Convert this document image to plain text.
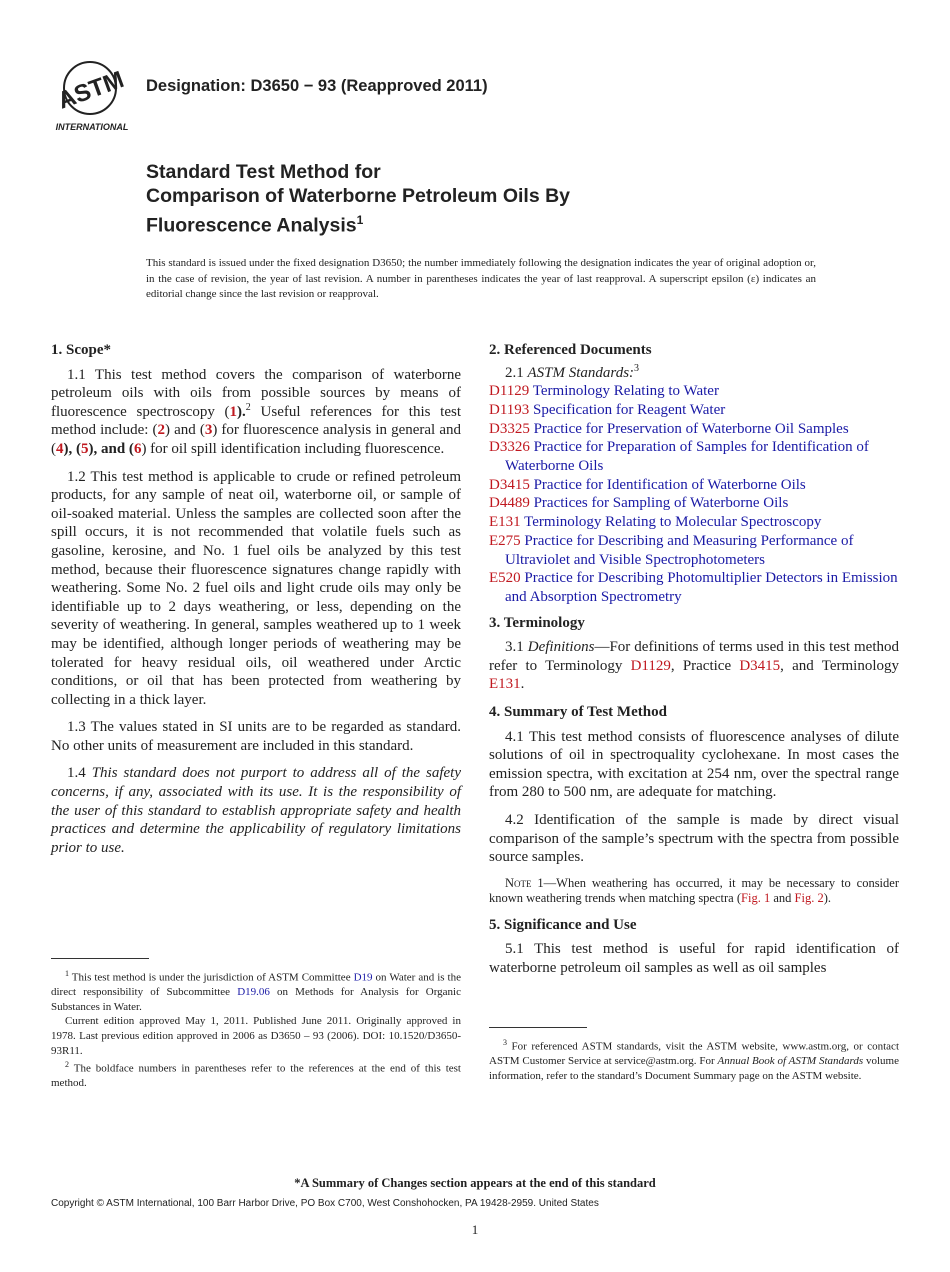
ASTM
INTERNATIONAL
Designation: D3650 − 93 (Reapproved 2011)
Standard Test Method for
Comparison of Waterborne Petroleum Oils By
Fluorescence Analysis$^1$
This standard is issued under the fixed designation D3650; the number immediately following the designation indicates the year of original adoption or, in the case of revision, the year of last revision. A number in parentheses indicates the year of last reapproval. A superscript epsilon (ε) indicates an editorial change since the last revision or reapproval.
1. Scope*

1.1 This test method covers the comparison of waterborne petroleum oils with oils from possible sources by means of fluorescence spectroscopy (1).$^2$ Useful references for this test method include: (2) and (3) for fluorescence analysis in general and (4), (5), and (6) for oil spill identification including fluorescence.

1.2 This test method is applicable to crude or refined petroleum products, for any sample of neat oil, waterborne oil, or sample of oil-soaked material. Unless the samples are collected soon after the spill occurs, it is not recommended that volatile fuels such as gasoline, kerosine, and No. 1 fuel oils be analyzed by this test method, because their fluorescence signatures change rapidly with weathering. Some No. 2 fuel oils and light crude oils may only be identifiable up to 2 days weathering, or less, depending on the severity of weathering. In general, samples weathered up to 1 week may be identified, although longer periods of weathering may be tolerated for heavy residual oils, oil weathered under Arctic conditions, or oil that has been protected from weathering by collecting in a thick layer.

1.3 The values stated in SI units are to be regarded as standard. No other units of measurement are included in this standard.

1.4 This standard does not purport to address all of the safety concerns, if any, associated with its use. It is the responsibility of the user of this standard to establish appropriate safety and health practices and determine the applicability of regulatory limitations prior to use.

$^1$ This test method is under the jurisdiction of ASTM Committee D19 on Water and is the direct responsibility of Subcommittee D19.06 on Methods for Analysis for Organic Substances in Water.

Current edition approved May 1, 2011. Published June 2011. Originally approved in 1978. Last previous edition approved in 2006 as D3650 – 93 (2006). DOI: 10.1520/D3650-93R11.

$^2$ The boldface numbers in parentheses refer to the references at the end of this test method.

2. Referenced Documents
2.1 ASTM Standards:$^3$
D1129 Terminology Relating to Water
D1193 Specification for Reagent Water
D3325 Practice for Preservation of Waterborne Oil Samples
D3326 Practice for Preparation of Samples for Identification of Waterborne Oils
D3415 Practice for Identification of Waterborne Oils
D4489 Practices for Sampling of Waterborne Oils
E131 Terminology Relating to Molecular Spectroscopy
E275 Practice for Describing and Measuring Performance of Ultraviolet and Visible Spectrophotometers
E520 Practice for Describing Photomultiplier Detectors in Emission and Absorption Spectrometry
3. Terminology

3.1 Definitions—For definitions of terms used in this test method refer to Terminology D1129, Practice D3415, and Terminology E131.

4. Summary of Test Method

4.1 This test method consists of fluorescence analyses of dilute solutions of oil in spectroquality cyclohexane. In most cases the emission spectra, with excitation at 254 nm, over the spectral range from 280 to 500 nm, are adequate for matching.

4.2 Identification of the sample is made by direct visual comparison of the sample’s spectrum with the spectra from possible source samples.

Note 1—When weathering has occurred, it may be necessary to consider known weathering trends when matching spectra (Fig. 1 and Fig. 2).

5. Significance and Use

5.1 This test method is useful for rapid identification of waterborne petroleum oil samples as well as oil samples

$^3$ For referenced ASTM standards, visit the ASTM website, www.astm.org, or contact ASTM Customer Service at service@astm.org. For Annual Book of ASTM Standards volume information, refer to the standard’s Document Summary page on the ASTM website.

*A Summary of Changes section appears at the end of this standard
Copyright © ASTM International, 100 Barr Harbor Drive, PO Box C700, West Conshohocken, PA 19428-2959. United States
1
